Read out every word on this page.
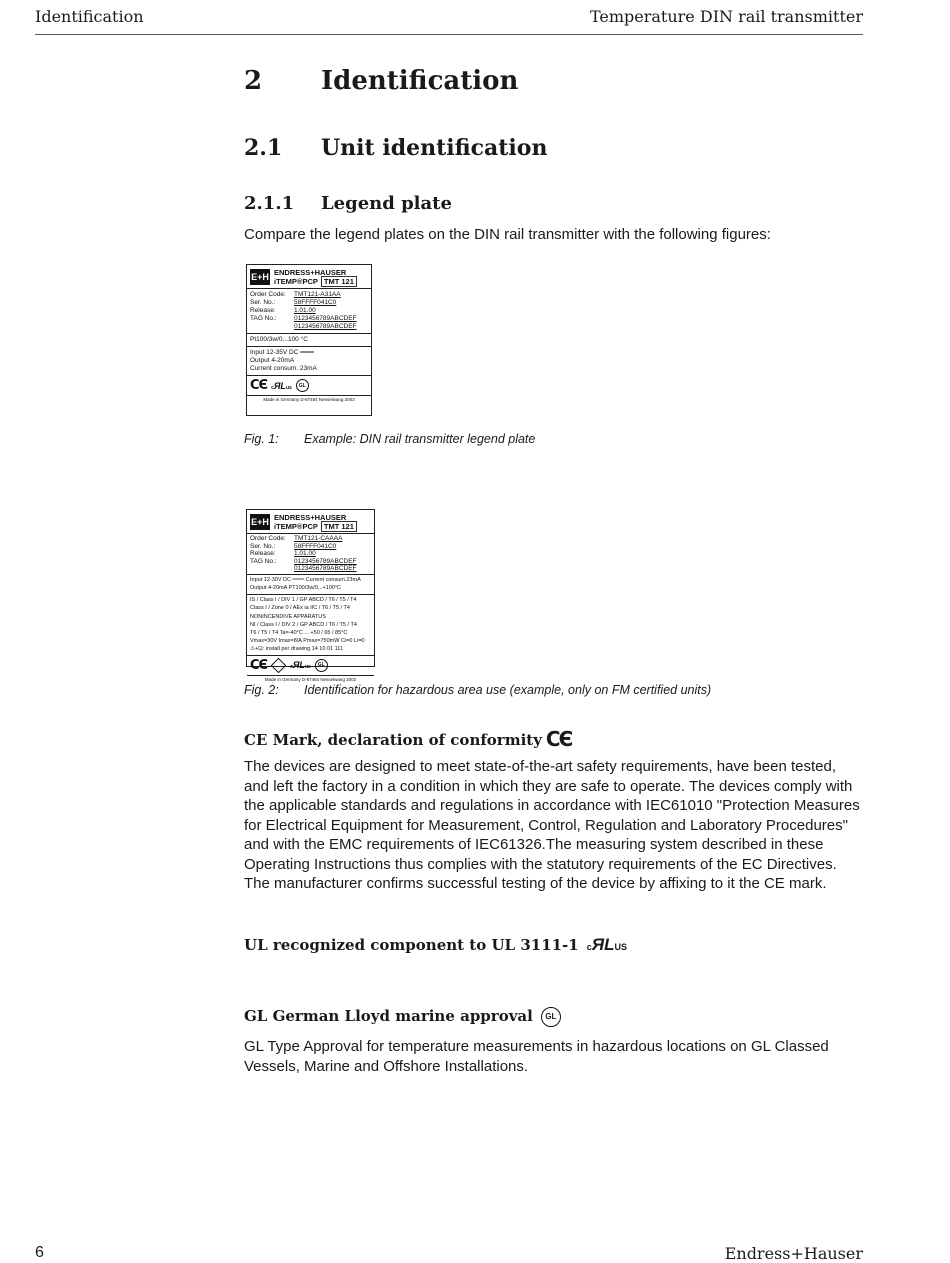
Identification	Temperature DIN rail transmitter
2 Identification
2.1 Unit identification
2.1.1 Legend plate
Compare the legend plates on the DIN rail transmitter with the following figures:
E+H ENDRESS+HAUSER
iTEMP®PCP TMT 121
Order Code:	TMT121-A31AA
Ser. No.:	58FFFF041C0
Release:	1.01.00
TAG No.:	0123456789ABCDEF
0123456789ABCDEF
Pt100/3w/0...100 °C
Input 12-35V DC ═══
Output 4-20mA
Current consum. 23mA
CЄ cЯLus	GL
Made in Germany D-87484 Nesselwang 2003
Fig. 1: Example: DIN rail transmitter legend plate
E+H ENDRESS+HAUSER
iTEMP®PCP TMT 121
Order Code:	TMT121-CAAAA
Ser. No.:	58FFFF041C0
Release:	1.01.00
TAG No.:	0123456789ABCDEF
0123456789ABCDEF
Input 12-30V DC ═══ Current consum.23mA
Output 4-20mA PT100/3w/0...+100°C
IS / Class I / DIV 1 / GP ABCD / T6 / T5 / T4
Class I / Zone 0 / AEx ia IIC / T6 / T5 / T4
NONINCENDIVE APPARATUS
NI / Class I / DIV 2 / GP ABCD / T6 / T5 / T4
T6 / T5 / T4 Ta=-40°C ... +50 / 65 / 85°C
Vmax=30V Imax=8/A Pmax=750mW Ci=0 Li=0
⚠+⊡: install per drawing 14 10 01 111
CЄ	cЯLus	GL
Made in Germany D-87484 Nesselwang 2002
Fig. 2: Identification for hazardous area use (example, only on FM certified units)
CE Mark, declaration of conformity CЄ
The devices are designed to meet state-of-the-art safety requirements, have been tested, and left the factory in a condition in which they are safe to operate. The devices comply with the applicable standards and regulations in accordance with IEC61010 "Protection Measures for Electrical Equipment for Measurement, Control, Regulation and Laboratory Procedures" and with the EMC requirements of IEC61326.The measuring system described in these Operating Instructions thus complies with the statutory requirements of the EC Directives. The manufacturer confirms successful testing of the device by affixing to it the CE mark.
UL recognized component to UL 3111-1 cЯLUS
GL German Lloyd marine approval GL
GL Type Approval for temperature measurements in hazardous locations on GL Classed Vessels, Marine and Offshore Installations.
6	Endress+Hauser
